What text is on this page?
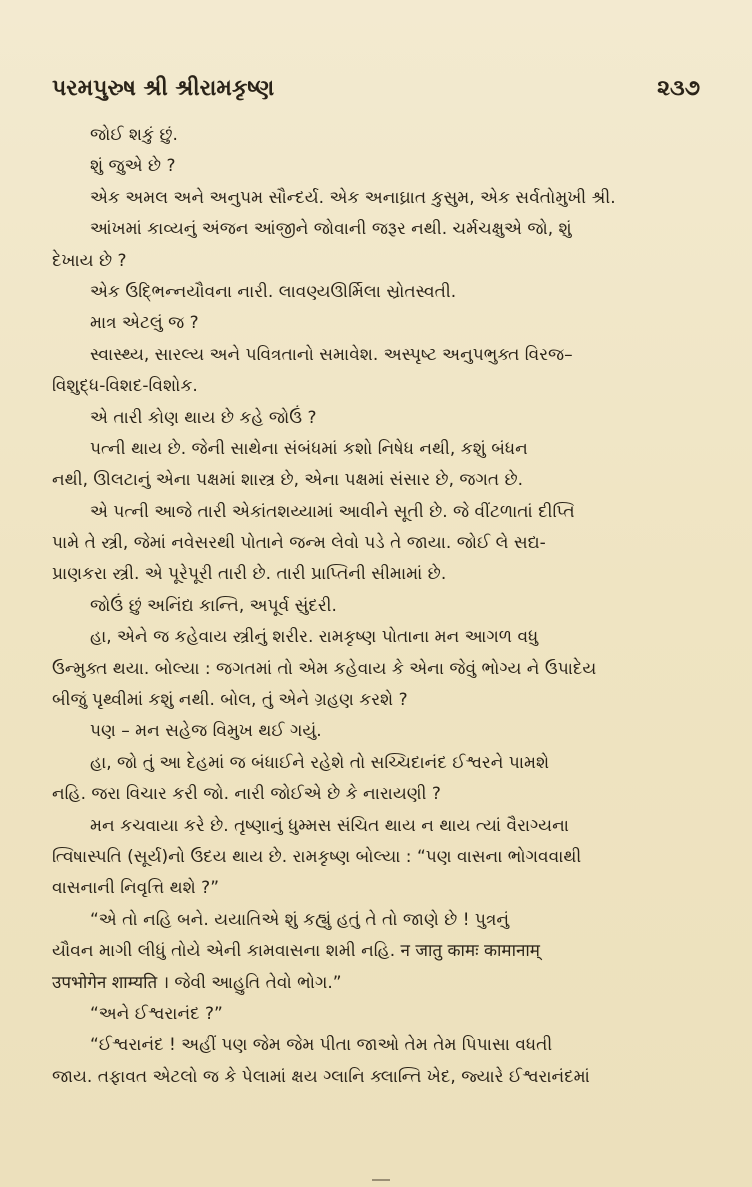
પરમપુરુષ શ્રી શ્રીરામકૃષ્ણ	૨૩૭
જોઈ શકું છું.
શું જુએ છે ?
એક અમલ અને અનુપમ સૌન્દર્ય. એક અનાઘ્રાત કુસુમ, એક સર્વતોમુખી શ્રી.
આંખમાં કાવ્યનું અંજન આંજીને જોવાની જરૂર નથી. ચર્મચક્ષુએ જો, શું
દેખાય છે ?
એક ઉદ્ભિન્નયૌવના નારી. લાવણ્યઊર્મિલા સ્રોતસ્વતી.
માત્ર એટલું જ ?
સ્વાસ્થ્ય, સારલ્ય અને પવિત્રતાનો સમાવેશ. અસ્પૃષ્ટ અનુપભુક્ત વિરજ–
વિશુદ્ધ-વિશદ-વિશોક.
એ તારી કોણ થાય છે કહે જોઉં ?
પત્ની થાય છે. જેની સાથેના સંબંધમાં કશો નિષેધ નથી, કશું બંધન
નથી, ઊલટાનું એના પક્ષમાં શાસ્ત્ર છે, એના પક્ષમાં સંસાર છે, જગત છે.
એ પત્ની આજે તારી એકાંતશય્યામાં આવીને સૂતી છે. જે વીંટળાતાં દીપ્તિ
પામે તે સ્ત્રી, જેમાં નવેસરથી પોતાને જન્મ લેવો પડે તે જાયા. જોઈ લે સદ્ય-
પ્રાણકરા સ્ત્રી. એ પૂરેપૂરી તારી છે. તારી પ્રાપ્તિની સીમામાં છે.
જોઉં છું અનિંદ્ય કાન્તિ, અપૂર્વ સુંદરી.
હા, એને જ કહેવાય સ્ત્રીનું શરીર. રામકૃષ્ણ પોતાના મન આગળ વધુ
ઉન્મુક્ત થયા. બોલ્યા : જગતમાં તો એમ કહેવાય કે એના જેવું ભોગ્ય ને ઉપાદેય
બીજું પૃથ્વીમાં કશું નથી. બોલ, તું એને ગ્રહણ કરશે ?
પણ – મન સહેજ વિમુખ થઈ ગયું.
હા, જો તું આ દેહમાં જ બંધાઈને રહેશે તો સચ્ચિદાનંદ ઈશ્વરને પામશે
નહિ. જરા વિચાર કરી જો. નારી જોઈએ છે કે નારાયણી ?
મન કચવાયા કરે છે. તૃષ્ણાનું ધુમ્મસ સંચિત થાય ન થાય ત્યાં વૈરાગ્યના
ત્વિષાસ્પતિ (સૂર્ય)નો ઉદય થાય છે. રામકૃષ્ણ બોલ્યા : “પણ વાસના ભોગવવાથી
વાસનાની નિવૃત્તિ થશે ?”
“એ તો નહિ બને. યયાતિએ શું કહ્યું હતું તે તો જાણે છે ! પુત્રનું
યૌવન માગી લીધું તોયે એની કામવાસના શમી નહિ. न जातु कामः कामानाम्
उपभोगेन शाम्यति । જેવી આહુતિ તેવો ભોગ.”
“અને ઈશ્વરાનંદ ?”
“ઈશ્વરાનંદ ! અહીં પણ જેમ જેમ પીતા જાઓ તેમ તેમ પિપાસા વધતી
જાય. તફાવત એટલો જ કે પેલામાં ક્ષય ગ્લાનિ ક્લાન્તિ ખેદ, જ્યારે ઈશ્વરાનંદમાં
